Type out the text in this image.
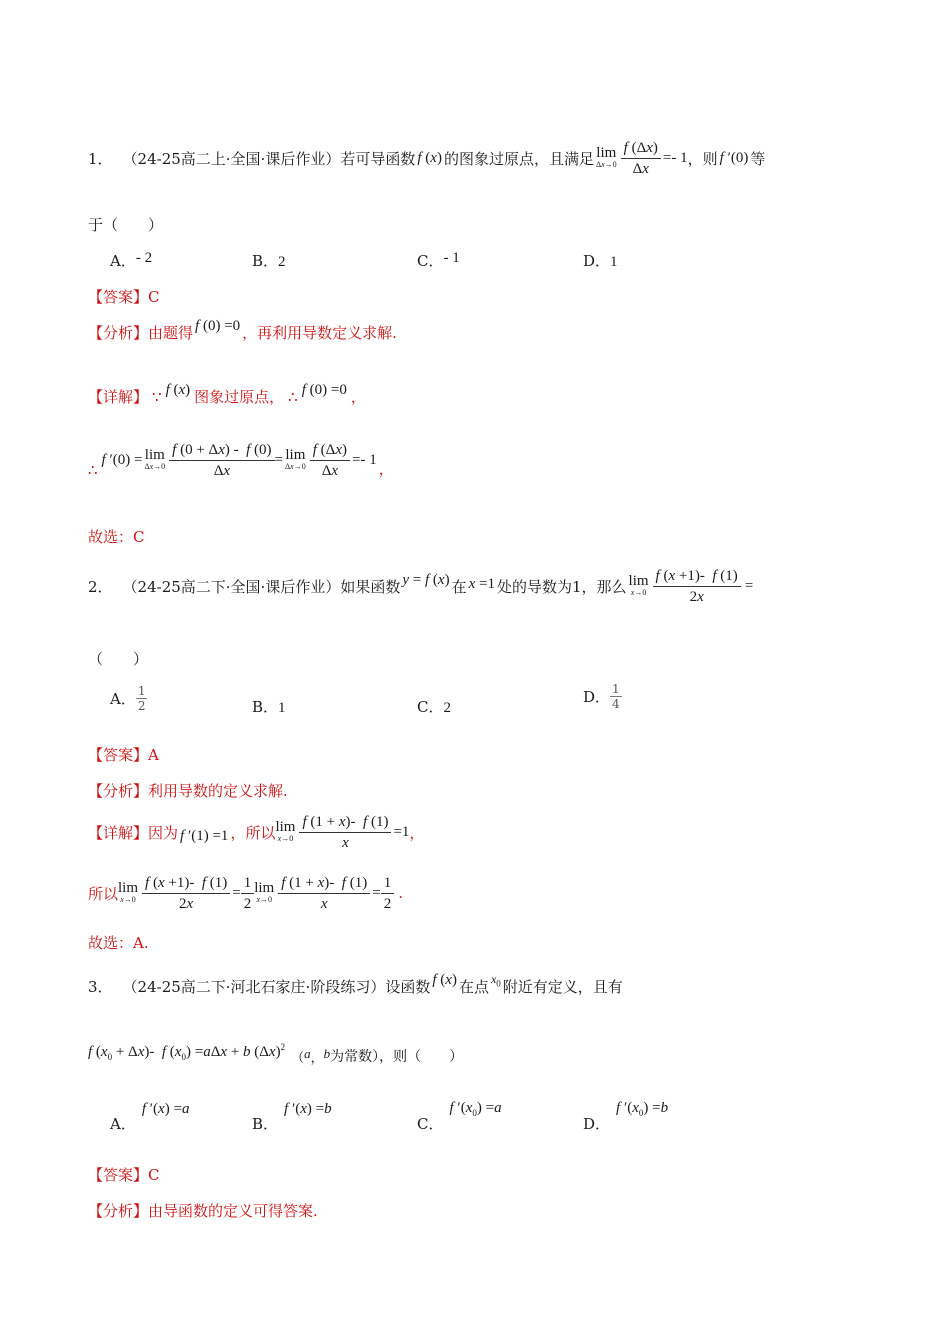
1． （24-25高二上·全国·课后作业） 若可导函数 f (x) 的图象过原点，且满足 lim
$\Delta x\to 0 \frac{f (\Delta x)}{\Delta x} =- 1$ ，则 f ′(0) 等
于（　　）
A．- 2	B．2	C．- 1	D．1
【答案】C
【分析】 由题得 f (0) =0 ，再利用导数定义求解.
【详解】 ∵ f (x) 图象过原点， ∴ f (0) =0 ，
∴
f ′(0) = lim
$\Delta x\to 0 \frac{f (0 + \Delta x) - f (0)}{\Delta x} = \lim$
$\Delta x\to 0 \frac{f (\Delta x)}{\Delta x} =- 1$ ，
故选：C
2． （24-25高二下·全国·课后作业） 如果函数 y = f (x) 在 x =1 处的导数为1，那么 lim
$x\to 0 \frac{f (x +1)- f (1)}{2x}$ =
（　　）
A． $\frac{1}{2}$	B．1	C．2
D． $\frac{1}{4}$
【答案】A
【分析】利用导数的定义求解.
【详解】 因为 f ′(1) =1 ，所以 lim
$x\to 0 \frac{f (1 + x)- f (1)}{x} =1$ ，
所以 lim
$x\to 0 \frac{f (x +1)- f (1)}{2x} = \frac{1}{2}$ lim
$x\to 0 \frac{f (1 + x)- f (1)}{x} = \frac{1}{2}$ .
故选：A.
3． （24-25高二下·河北石家庄·阶段练习） 设函数 f (x) 在点 $x_0$ 附近有定义，且有
f $(x_0 + \Delta x)-$  f $(x_0) =a\Delta x + b$ $(\Delta x)^2$
（ a ， b 为常数），则（　　）
A．
f ′(x) =a
B．
f ′(x) =b
C．
f $'(x_0) =a$
D．
f $'(x_0) =b$
【答案】C
【分析】由导函数的定义可得答案.
